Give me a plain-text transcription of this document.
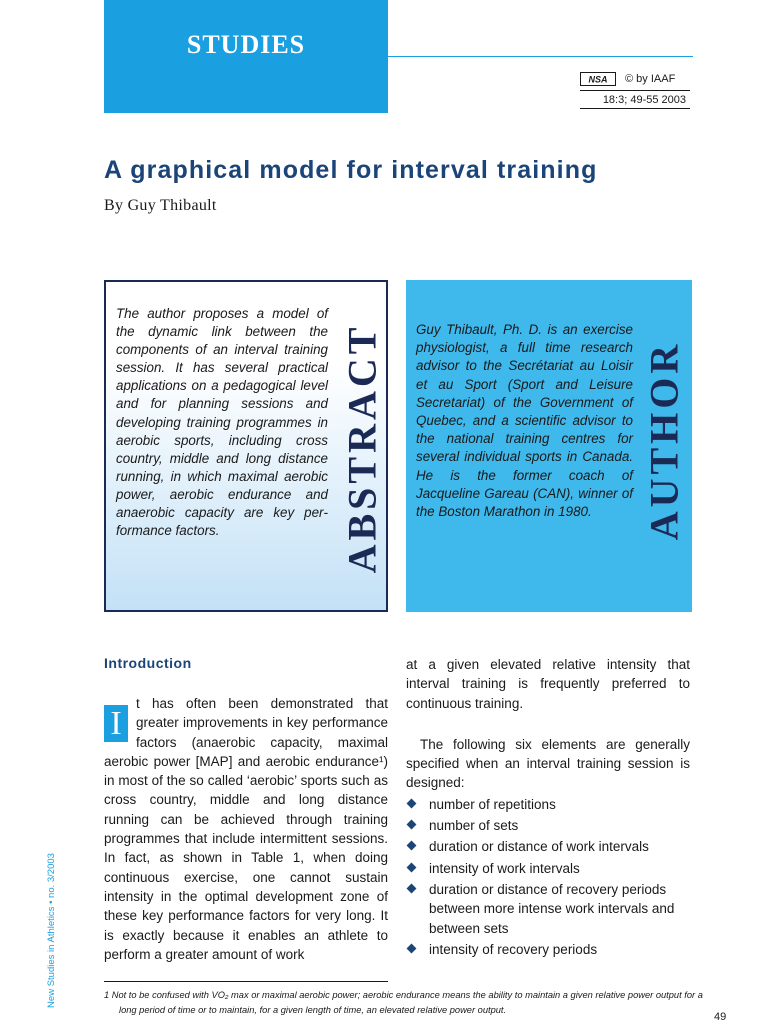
STUDIES
NSA © by IAAF
18:3; 49-55 2003
A graphical model for interval training
By Guy Thibault
The author proposes a model of the dynamic link between the components of an interval training session. It has several practical applications on a pedagogical level and for planning sessions and developing training programmes in aerobic sports, including cross country, middle and long distance running, in which maximal aerobic power, aerobic endurance and anaerobic capacity are key performance factors.	ABSTRACT Guy Thibault, Ph. D. is an exercise physiologist, a full time research advisor to the Secrétariat au Loisir et au Sport (Sport and Leisure Secretariat) of the Government of Quebec, and a scientific advisor to the national training centres for several individual sports in Canada. He is the former coach of Jacqueline Gareau (CAN), winner of the Boston Marathon in 1980.	AUTHOR
Introduction
I
t has often been demonstrated that greater improvements in key performance factors (anaerobic capacity, maximal aerobic power [MAP] and aerobic endurance¹) in most of the so called ‘aerobic’ sports such as cross country, middle and long distance running can be achieved through training programmes that include intermittent sessions. In fact, as shown in Table 1, when doing continuous exercise, one cannot sustain intensity in the optimal development zone of these key performance factors for very long. It is exactly because it enables an athlete to perform a greater amount of work

at a given elevated relative intensity that interval training is frequently preferred to continuous training.

The following six elements are generally specified when an interval training session is designed:

number of repetitions
number of sets
duration or distance of work intervals
intensity of work intervals
duration or distance of recovery periods between more intense work intervals and between sets
intensity of recovery periods
1 Not to be confused with VO₂ max or maximal aerobic power; aerobic endurance means the ability to maintain a given relative power output for a long period of time or to maintain, for a given length of time, an elevated relative power output.
49
New Studies in Athletics • no. 3/2003
